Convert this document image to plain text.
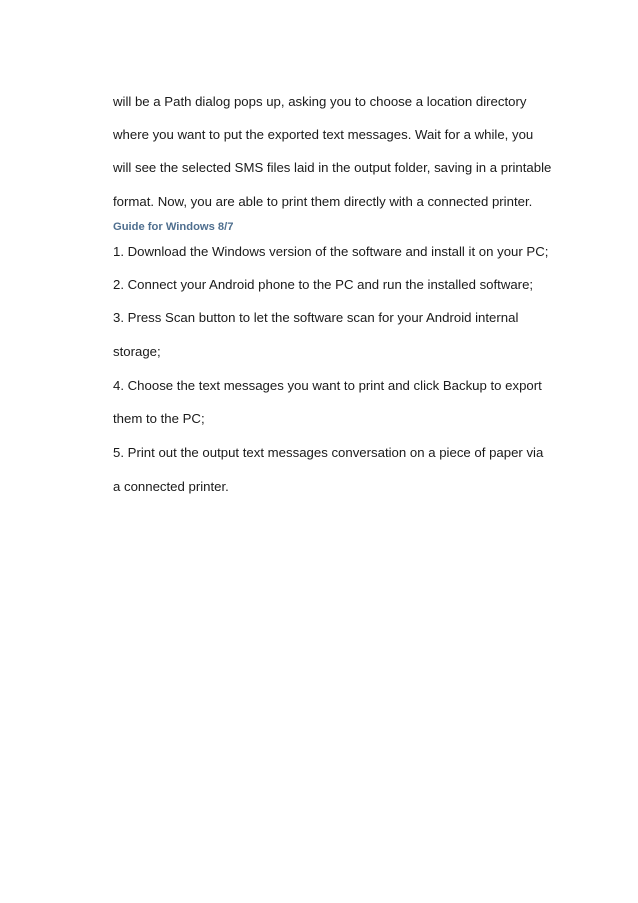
will be a Path dialog pops up, asking you to choose a location directory
where you want to put the exported text messages. Wait for a while, you
will see the selected SMS files laid in the output folder, saving in a printable
format. Now, you are able to print them directly with a connected printer.
Guide for Windows 8/7
1. Download the Windows version of the software and install it on your PC;
2. Connect your Android phone to the PC and run the installed software;
3. Press Scan button to let the software scan for your Android internal
storage;
4. Choose the text messages you want to print and click Backup to export
them to the PC;
5. Print out the output text messages conversation on a piece of paper via
a connected printer.
